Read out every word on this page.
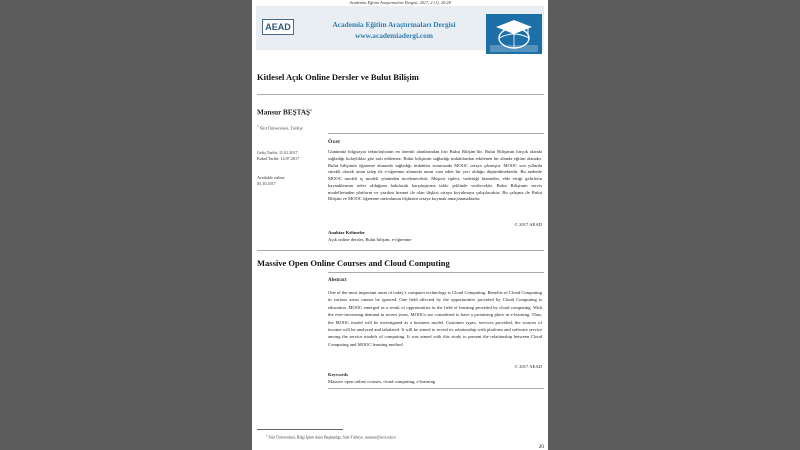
Academia Eğitim Araştırmaları Dergisi, 2017, 2 (1), 20-28
AEAD	Academia Eğitim Araştırmaları Dergisi
www.academiadergi.com
Kitlesel Açık Online Dersler ve Bulut Bilişim
Mansur BEŞTAŞ$^1$
$^1$ Siirt Üniversitesi, Türkiye
Özet
Geliş Tarihi: 11.01.2017
Kabul Tarihi: 14.07.2017
Available online
05.10.2017
Günümüz bilgisayar teknolojisinin en önemli alanlarından biri Bulut Bilişim’dir. Bulut Bilişimin birçok alanda sağladığı kolaylıklar göz ardı edilemez. Bulut bilişimin sağladığı imkânlardan etkilenen bir alanda eğitim alanıdır. Bulut bilişimin öğrenme alanında sağladığı imkânlar sonucunda MOOC ortaya çıkmıştır. MOOC son yıllarda sürekli olarak artan talep ile e-öğrenme alanında umut vaat eden bir yeri olduğu düşünülmektedir. Bu nedenle MOOC modeli iş modeli yönünden incelenecektir. Müşteri tipleri, vadettiği hizmetler, elde ettiği gelirlerin kaynaklarının neler olduğuna bakılacak karşılaştırma tablo şeklinde verilecektir. Bulut Bilişimin servis modellerinden platform ve yazılım hizmet ile olan ilişkisi ortaya koyulmaya çalışılacaktır. Bu çalışma ile Bulut Bilişim ve MOOC öğrenme metodunun ilişkisini ortaya koymak amaçlanmaktadır.
© 2017 AEAD
Anahtar Kelimeler
Açık online dersler, Bulut bilişim, e-öğrenme
Massive Open Online Courses and Cloud Computing
Abstract
One of the most important areas of today’s computer technology is Cloud Computing. Benefits of Cloud Computing in various areas cannot be ignored. One field affected by the opportunities provided by Cloud Computing is education. MOOC emerged as a result of opportunities in the field of learning provided by cloud computing. With the ever-increasing demand in recent years, MOOCs are considered to have a promising place in e-learning. Thus, the MOOC model will be investigated as a business model. Customer types, services provided, the sources of income will be analyzed and tabulated. It will be aimed to reveal its relationship with platform and software service among the service models of computing. It was aimed with this study to present the relationship between Cloud Computing and MOOC learning method.
© 2017 AEAD
Keywords
Massive open online courses, cloud computing, e-learning
$^1$ Siirt Üniversitesi, Bilgi İşlem daire Başkanlığı, Siirt-Türkiye, mansur@siirt.edu.tr
20
